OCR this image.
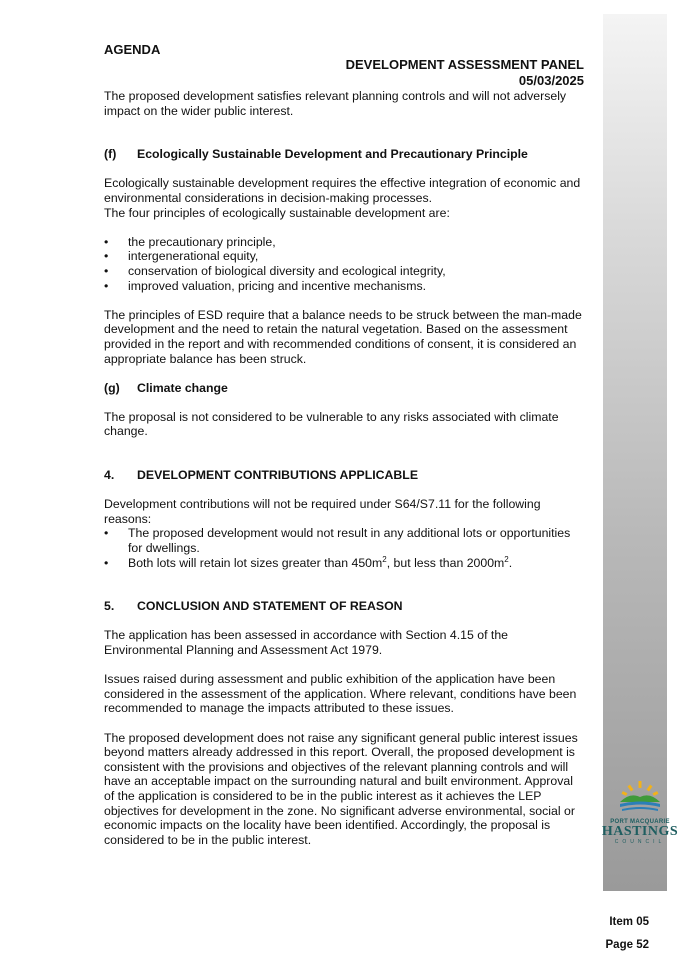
PORT MACQUARIE
HASTINGS
COUNCIL
AGENDA
DEVELOPMENT ASSESSMENT PANEL
05/03/2025

The proposed development satisfies relevant planning controls and will not adversely impact on the wider public interest.

(f)	Ecologically Sustainable Development and Precautionary Principle

Ecologically sustainable development requires the effective integration of economic and environmental considerations in decision-making processes.

The four principles of ecologically sustainable development are:

• the precautionary principle,
• intergenerational equity,
• conservation of biological diversity and ecological integrity,
• improved valuation, pricing and incentive mechanisms.

The principles of ESD require that a balance needs to be struck between the man-made development and the need to retain the natural vegetation. Based on the assessment provided in the report and with recommended conditions of consent, it is considered an appropriate balance has been struck.

(g)	Climate change

The proposal is not considered to be vulnerable to any risks associated with climate change.

4.	DEVELOPMENT CONTRIBUTIONS APPLICABLE

Development contributions will not be required under S64/S7.11 for the following reasons:

• The proposed development would not result in any additional lots or opportunities for dwellings.
• Both lots will retain lot sizes greater than $450m^2$, but less than $2000m^2$.
5.	CONCLUSION AND STATEMENT OF REASON

The application has been assessed in accordance with Section 4.15 of the Environmental Planning and Assessment Act 1979.

Issues raised during assessment and public exhibition of the application have been considered in the assessment of the application. Where relevant, conditions have been recommended to manage the impacts attributed to these issues.

The proposed development does not raise any significant general public interest issues beyond matters already addressed in this report. Overall, the proposed development is consistent with the provisions and objectives of the relevant planning controls and will have an acceptable impact on the surrounding natural and built environment. Approval of the application is considered to be in the public interest as it achieves the LEP objectives for development in the zone. No significant adverse environmental, social or economic impacts on the locality have been identified. Accordingly, the proposal is considered to be in the public interest.

Item 05
Page 52
